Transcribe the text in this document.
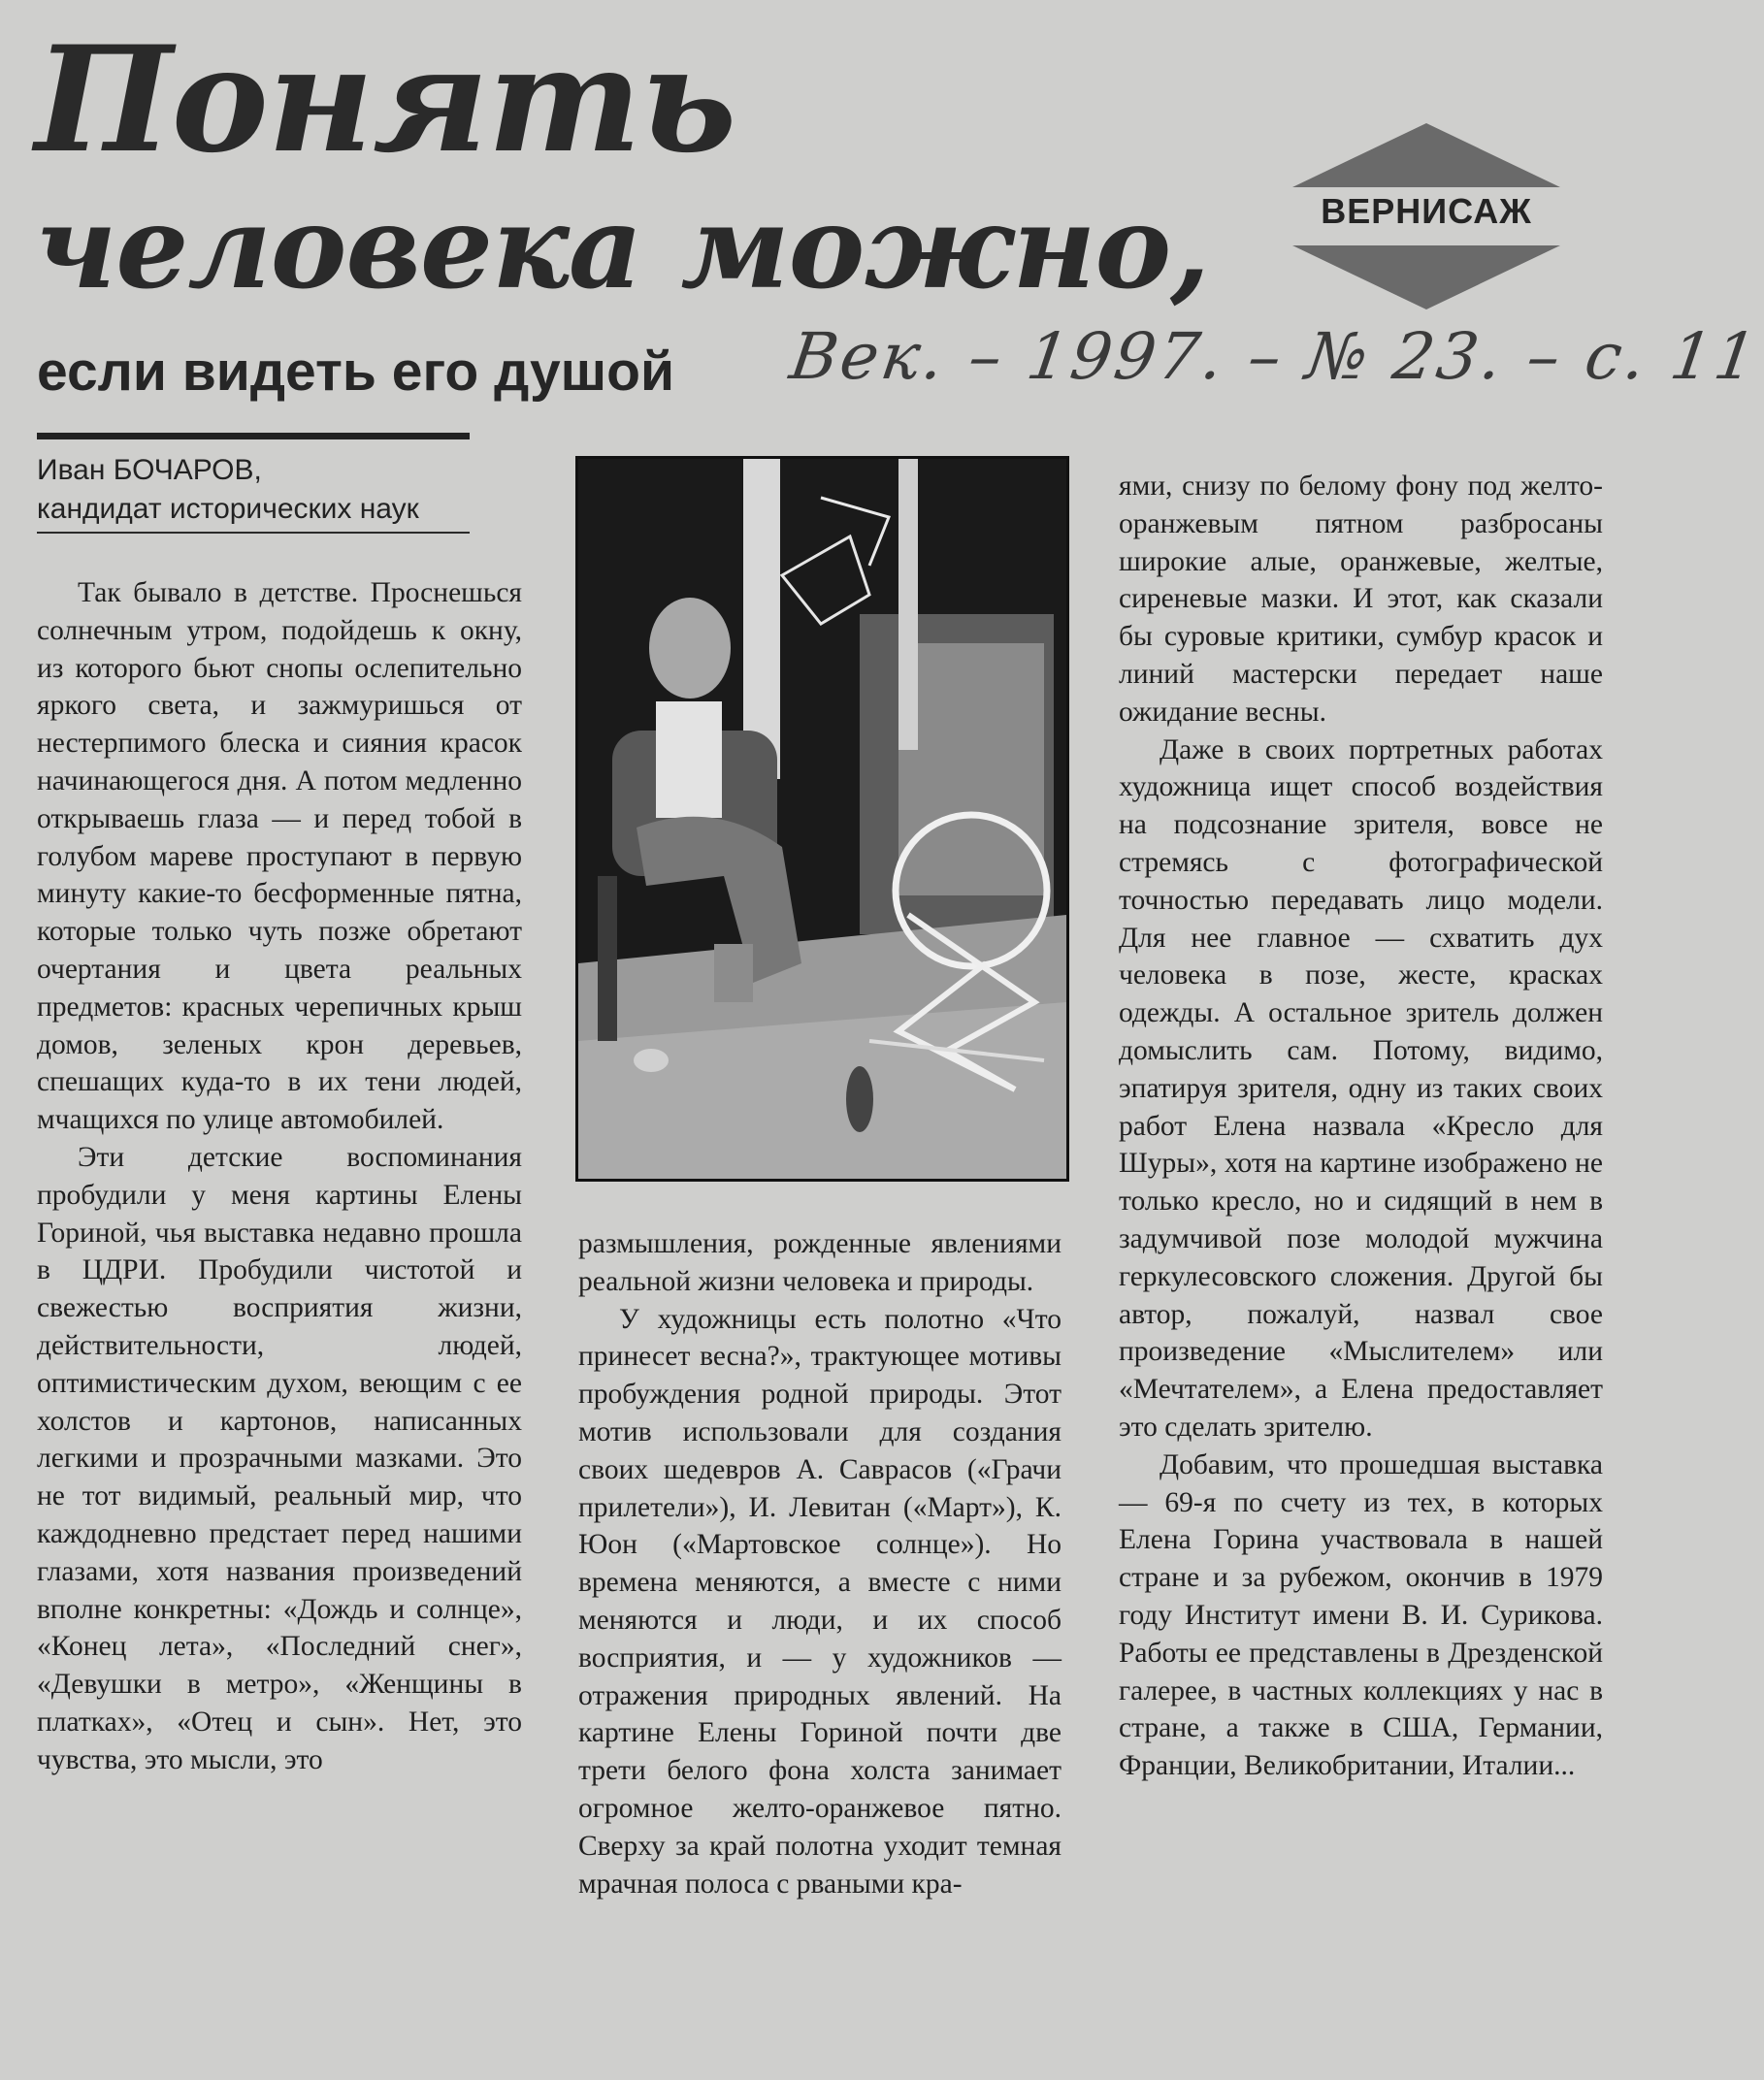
Понять
человека можно,
если видеть его душой
ВЕРНИСАЖ
Век. – 1997. – № 23. – с. 11
Иван БОЧАРОВ,
кандидат исторических наук

Так бывало в детстве. Проснешься солнечным утром, подойдешь к окну, из которого бьют снопы ослепительно яркого света, и зажмуришься от нестерпимого блеска и сияния красок начинающегося дня. А потом медленно открываешь глаза — и перед тобой в голубом мареве проступают в первую минуту какие-то бесформенные пятна, которые только чуть позже обретают очертания и цвета реальных предметов: красных черепичных крыш домов, зеленых крон деревьев, спешащих куда-то в их тени людей, мчащихся по улице автомобилей.

Эти детские воспоминания пробудили у меня картины Елены Гориной, чья выставка недавно прошла в ЦДРИ. Пробудили чистотой и свежестью восприятия жизни, действительности, людей, оптимистическим духом, веющим с ее холстов и картонов, написанных легкими и прозрачными мазками. Это не тот видимый, реальный мир, что каждодневно предстает перед нашими глазами, хотя названия произведений вполне конкретны: «Дождь и солнце», «Конец лета», «Последний снег», «Девушки в метро», «Женщины в платках», «Отец и сын». Нет, это чувства, это мысли, это

размышления, рожденные явлениями реальной жизни человека и природы.

У художницы есть полотно «Что принесет весна?», трактующее мотивы пробуждения родной природы. Этот мотив использовали для создания своих шедевров А. Саврасов («Грачи прилетели»), И. Левитан («Март»), К. Юон («Мартовское солнце»). Но времена меняются, а вместе с ними меняются и люди, и их способ восприятия, и — у художников — отражения природных явлений. На картине Елены Гориной почти две трети белого фона холста занимает огромное желто-оранжевое пятно. Сверху за край полотна уходит темная мрачная полоса с рваными кра-

ями, снизу по белому фону под желто-оранжевым пятном разбросаны широкие алые, оранжевые, желтые, сиреневые мазки. И этот, как сказали бы суровые критики, сумбур красок и линий мастерски передает наше ожидание весны.

Даже в своих портретных работах художница ищет способ воздействия на подсознание зрителя, вовсе не стремясь с фотографической точностью передавать лицо модели. Для нее главное — схватить дух человека в позе, жесте, красках одежды. А остальное зритель должен домыслить сам. Потому, видимо, эпатируя зрителя, одну из таких своих работ Елена назвала «Кресло для Шуры», хотя на картине изображено не только кресло, но и сидящий в нем в задумчивой позе молодой мужчина геркулесовского сложения. Другой бы автор, пожалуй, назвал свое произведение «Мыслителем» или «Мечтателем», а Елена предоставляет это сделать зрителю.

Добавим, что прошедшая выставка — 69-я по счету из тех, в которых Елена Горина участвовала в нашей стране и за рубежом, окончив в 1979 году Институт имени В. И. Сурикова. Работы ее представлены в Дрезденской галерее, в частных коллекциях у нас в стране, а также в США, Германии, Франции, Великобритании, Италии...
